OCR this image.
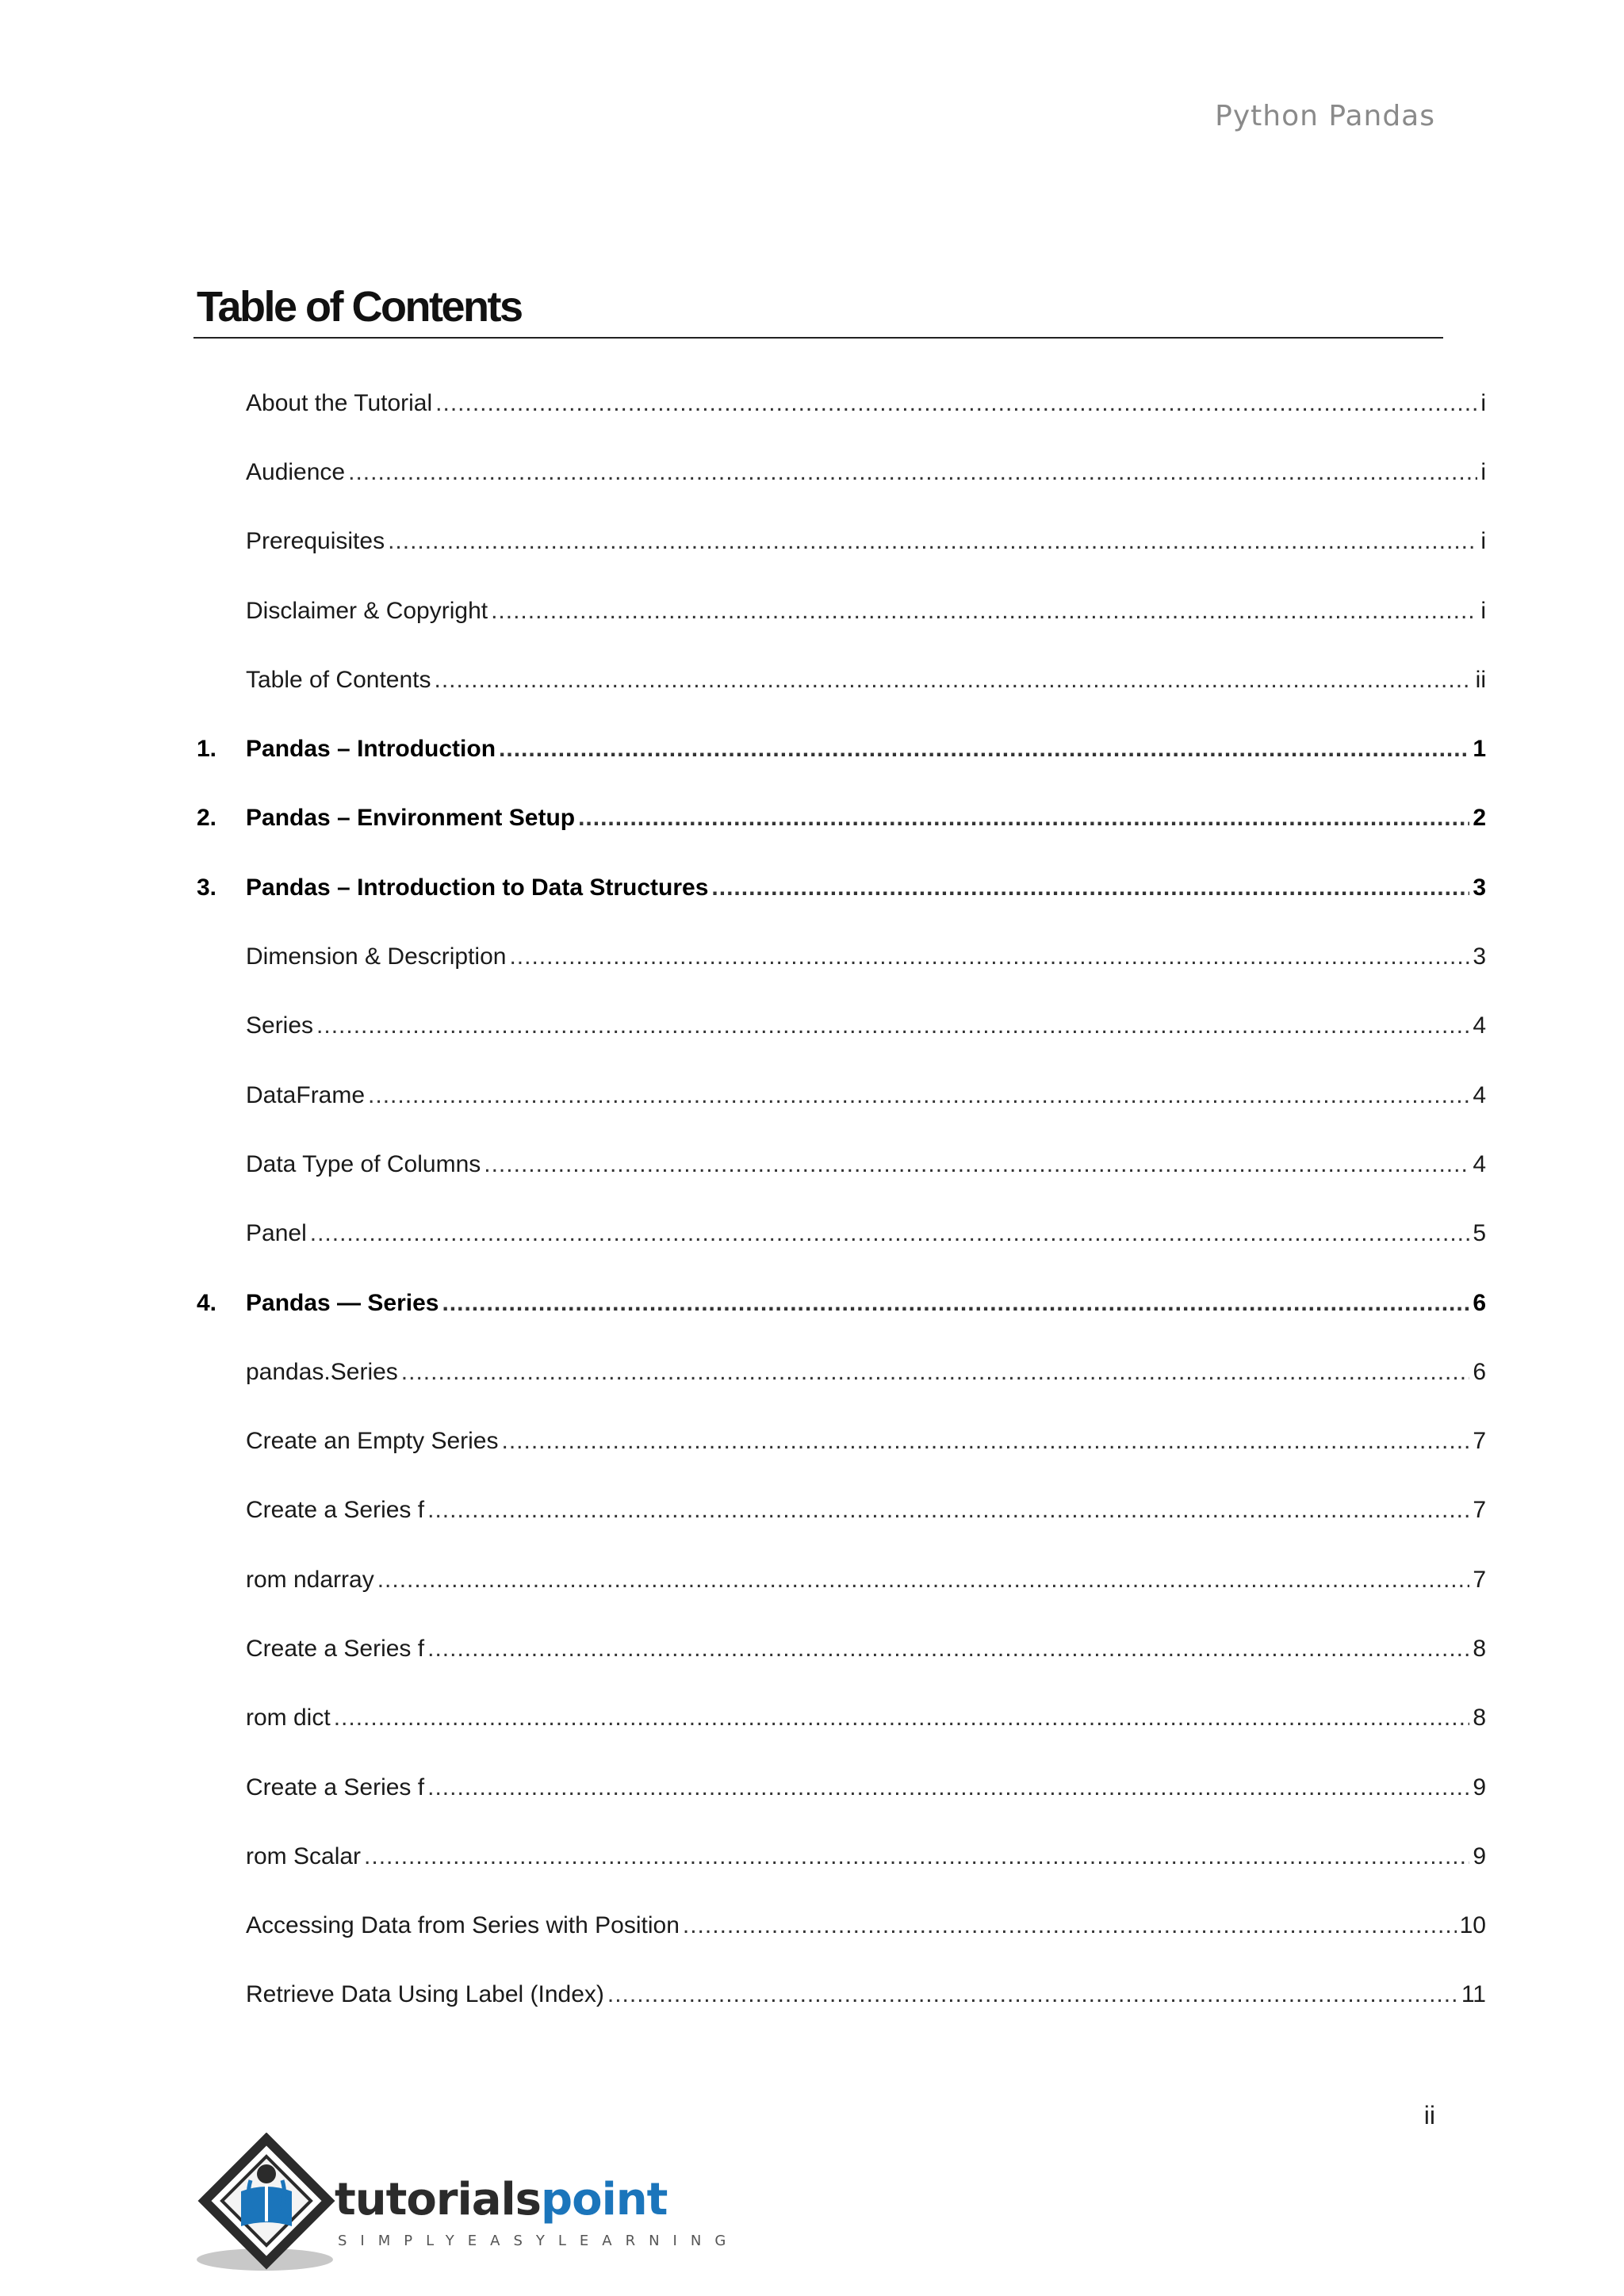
Python Pandas
Table of Contents
About the Tutorial .....	i
Audience .....	i
Prerequisites .....	i
Disclaimer & Copyright .....	i
Table of Contents .....	ii
1.	Pandas – Introduction .....	1
2.	Pandas – Environment Setup .....	2
3.	Pandas – Introduction to Data Structures .....	3
Dimension & Description .....	3
Series .....	4
DataFrame .....	4
Data Type of Columns .....	4
Panel .....	5
4.	Pandas — Series .....	6
pandas.Series .....	6
Create an Empty Series .....	7
Create a Series f .....	7
rom ndarray .....	7
Create a Series f .....	8
rom dict .....	8
Create a Series f .....	9
rom Scalar .....	9
Accessing Data from Series with Position .....	10
Retrieve Data Using Label (Index) .....	11
ii
tutorialspoint
SIMPLYEASYLEARNING
